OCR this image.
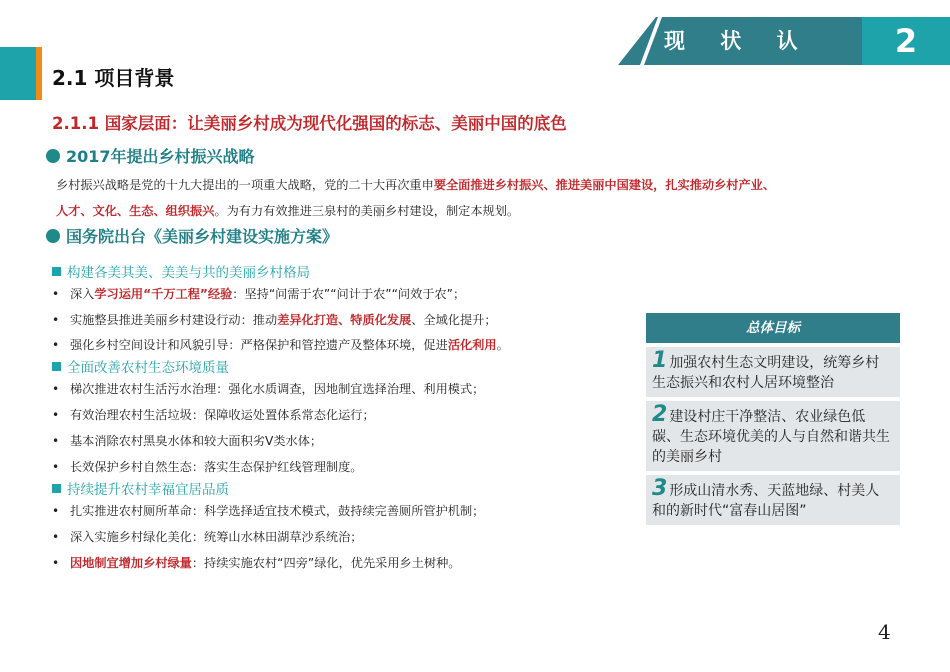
现 状 认 知
2
2.1 项目背景
2.1.1 国家层面：让美丽乡村成为现代化强国的标志、美丽中国的底色
2017年提出乡村振兴战略
乡村振兴战略是党的十九大提出的一项重大战略，党的二十大再次重申要全面推进乡村振兴、推进美丽中国建设，扎实推动乡村产业、
人才、文化、生态、组织振兴。为有力有效推进三泉村的美丽乡村建设，制定本规划。
国务院出台《美丽乡村建设实施方案》
构建各美其美、美美与共的美丽乡村格局
• 深入学习运用“千万工程”经验：坚持“问需于农”“问计于农”“问效于农”；
• 实施整县推进美丽乡村建设行动：推动差异化打造、特质化发展、全域化提升；
• 强化乡村空间设计和风貌引导：严格保护和管控遗产及整体环境，促进活化利用。
全面改善农村生态环境质量
• 梯次推进农村生活污水治理：强化水质调查，因地制宜选择治理、利用模式；
• 有效治理农村生活垃圾：保障收运处置体系常态化运行；
• 基本消除农村黑臭水体和较大面积劣V类水体；
• 长效保护乡村自然生态：落实生态保护红线管理制度。
持续提升农村幸福宜居品质
• 扎实推进农村厕所革命：科学选择适宜技术模式，鼓持续完善厕所管护机制；
• 深入实施乡村绿化美化：统筹山水林田湖草沙系统治；
• 因地制宜增加乡村绿量：持续实施农村“四旁”绿化，优先采用乡土树种。
总体目标
1 加强农村生态文明建设，统筹乡村生态振兴和农村人居环境整治
2 建设村庄干净整洁、农业绿色低碳、生态环境优美的人与自然和谐共生的美丽乡村
3 形成山清水秀、天蓝地绿、村美人和的新时代“富春山居图”
4
